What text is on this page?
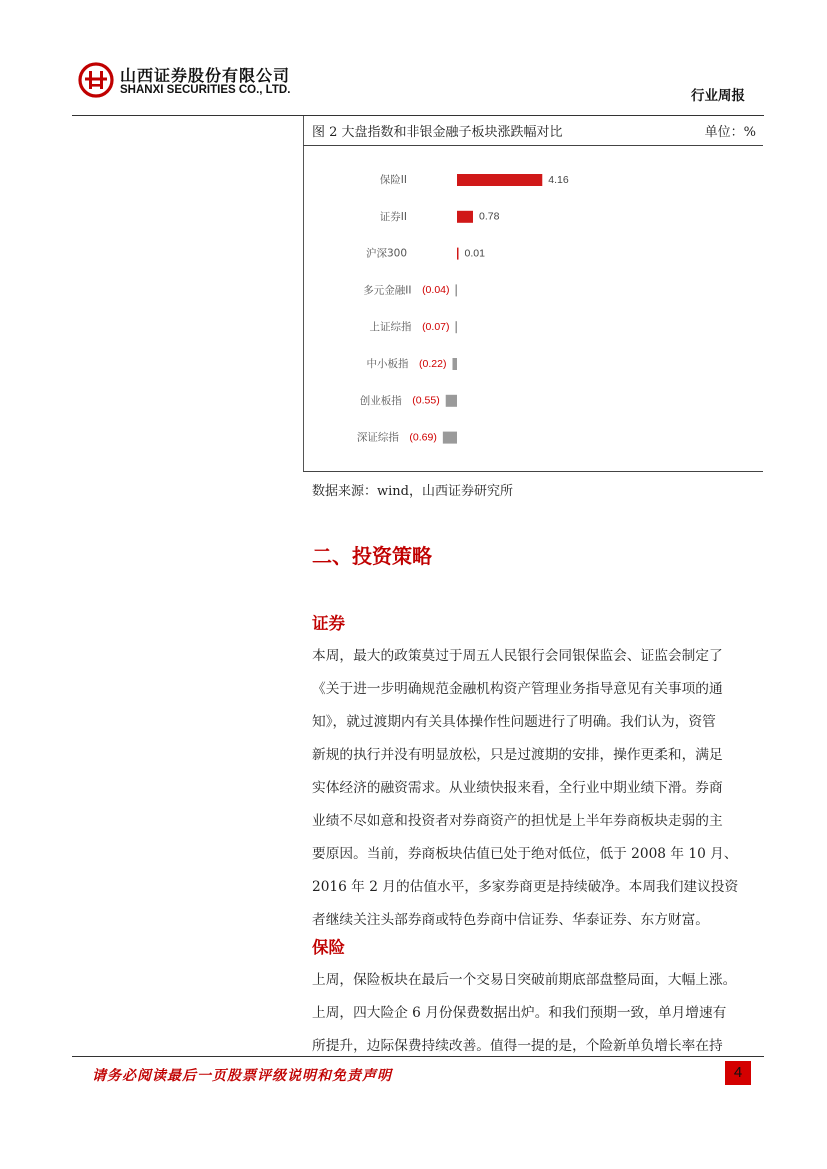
山西证券股份有限公司
SHANXI SECURITIES CO., LTD.	行业周报
图 2 大盘指数和非银金融子板块涨跌幅对比	单位：%
保险II	4.16
证券II	0.78
沪深300	0.01
多元金融II (0.04)
上证综指 (0.07)
中小板指 (0.22)
创业板指 (0.55)
深证综指 (0.69)
数据来源：wind，山西证券研究所
二、投资策略
证券
本周，最大的政策莫过于周五人民银行会同银保监会、证监会制定了
《关于进一步明确规范金融机构资产管理业务指导意见有关事项的通
知》，就过渡期内有关具体操作性问题进行了明确。我们认为，资管
新规的执行并没有明显放松，只是过渡期的安排，操作更柔和，满足
实体经济的融资需求。从业绩快报来看，全行业中期业绩下滑。券商
业绩不尽如意和投资者对券商资产的担忧是上半年券商板块走弱的主
要原因。当前，券商板块估值已处于绝对低位，低于 2008 年 10 月、
2016 年 2 月的估值水平，多家券商更是持续破净。本周我们建议投资
者继续关注头部券商或特色券商中信证券、华泰证券、东方财富。
保险
上周，保险板块在最后一个交易日突破前期底部盘整局面，大幅上涨。
上周，四大险企 6 月份保费数据出炉。和我们预期一致，单月增速有
所提升，边际保费持续改善。值得一提的是，个险新单负增长率在持
请务必阅读最后一页股票评级说明和免责声明	4
